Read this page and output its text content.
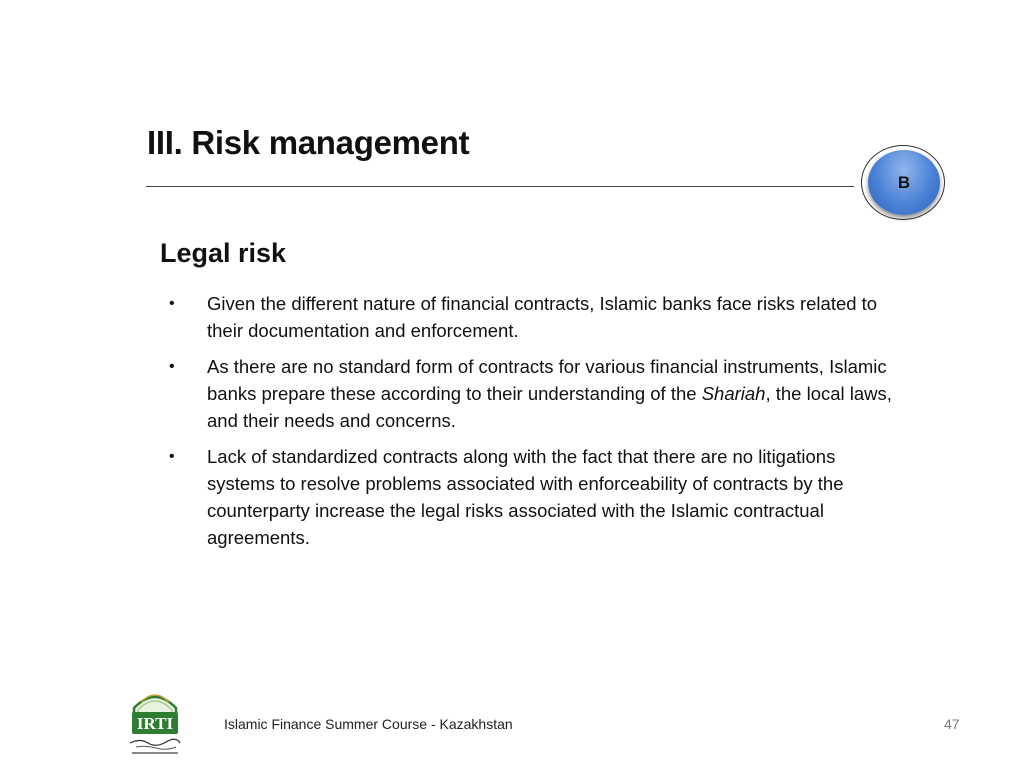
III. Risk management
B
Legal risk
• Given the different nature of financial contracts, Islamic banks face risks related to their documentation and enforcement.
• As there are no standard form of contracts for various financial instruments, Islamic banks prepare these according to their understanding of the Shariah, the local laws, and their needs and concerns.
• Lack of standardized contracts along with the fact that there are no litigations systems to resolve problems associated with enforceability of contracts by the counterparty increase the legal risks associated with the Islamic contractual agreements.
IRTI	Islamic Finance Summer Course - Kazakhstan	47
